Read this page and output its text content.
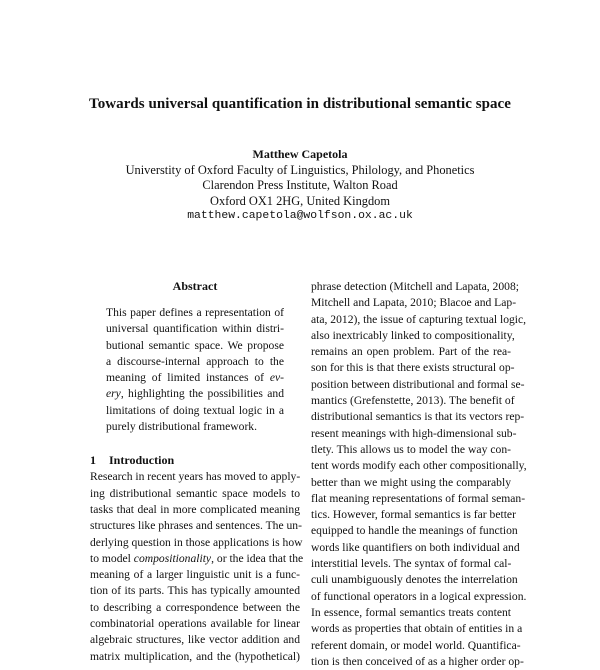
Towards universal quantification in distributional semantic space
Matthew Capetola
Universtity of Oxford Faculty of Linguistics, Philology, and Phonetics
Clarendon Press Institute, Walton Road
Oxford OX1 2HG, United Kingdom
matthew.capetola@wolfson.ox.ac.uk
Abstract
This paper defines a representation of
universal quantification within distri-
butional semantic space. We propose
a discourse-internal approach to the
meaning of limited instances of ev-
ery, highlighting the possibilities and
limitations of doing textual logic in a
purely distributional framework.
1 Introduction
Research in recent years has moved to apply-
ing distributional semantic space models to
tasks that deal in more complicated meaning
structures like phrases and sentences. The un-
derlying question in those applications is how
to model compositionality, or the idea that the
meaning of a larger linguistic unit is a func-
tion of its parts. This has typically amounted
to describing a correspondence between the
combinatorial operations available for linear
algebraic structures, like vector addition and
matrix multiplication, and the (hypothetical)
phrase detection (Mitchell and Lapata, 2008;
Mitchell and Lapata, 2010; Blacoe and Lap-
ata, 2012), the issue of capturing textual logic,
also inextricably linked to compositionality,
remains an open problem. Part of the rea-
son for this is that there exists structural op-
position between distributional and formal se-
mantics (Grefenstette, 2013). The benefit of
distributional semantics is that its vectors rep-
resent meanings with high-dimensional sub-
tlety. This allows us to model the way con-
tent words modify each other compositionally,
better than we might using the comparably
flat meaning representations of formal seman-
tics. However, formal semantics is far better
equipped to handle the meanings of function
words like quantifiers on both individual and
interstitial levels. The syntax of formal cal-
culi unambiguously denotes the interrelation
of functional operators in a logical expression.
In essence, formal semantics treats content
words as properties that obtain of entities in a
referent domain, or model world. Quantifica-
tion is then conceived of as a higher order op-
